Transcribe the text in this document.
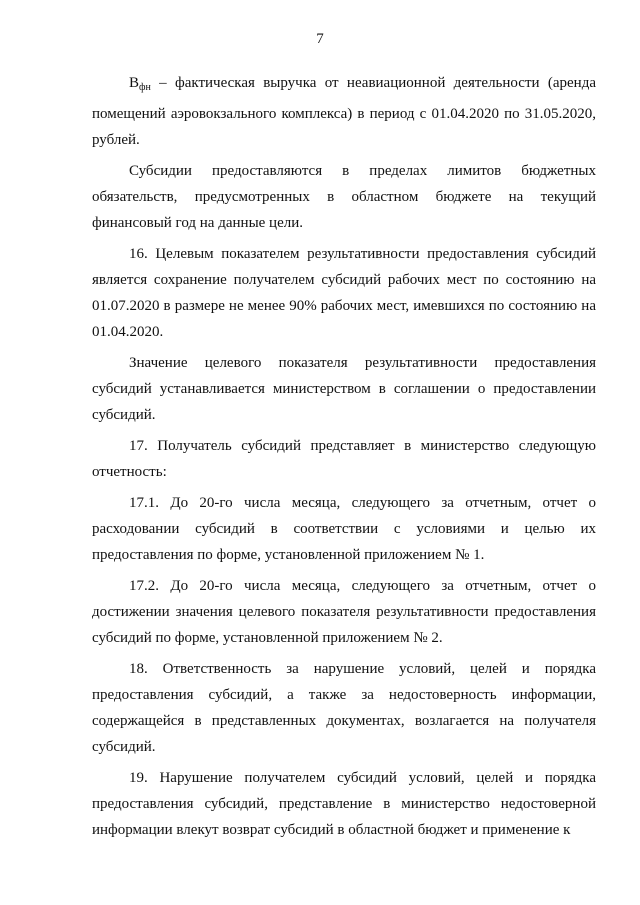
7

$В_{фн}$ – фактическая выручка от неавиационной деятельности (аренда помещений аэровокзального комплекса) в период с 01.04.2020 по 31.05.2020, рублей.

Субсидии предоставляются в пределах лимитов бюджетных обязательств, предусмотренных в областном бюджете на текущий финансовый год на данные цели.

16. Целевым показателем результативности предоставления субсидий является сохранение получателем субсидий рабочих мест по состоянию на 01.07.2020 в размере не менее 90% рабочих мест, имевшихся по состоянию на 01.04.2020.

Значение целевого показателя результативности предоставления субсидий устанавливается министерством в соглашении о предоставлении субсидий.

17. Получатель субсидий представляет в министерство следующую отчетность:

17.1. До 20-го числа месяца, следующего за отчетным, отчет о расходовании субсидий в соответствии с условиями и целью их предоставления по форме, установленной приложением № 1.

17.2. До 20-го числа месяца, следующего за отчетным, отчет о достижении значения целевого показателя результативности предоставления субсидий по форме, установленной приложением № 2.

18. Ответственность за нарушение условий, целей и порядка предоставления субсидий, а также за недостоверность информации, содержащейся в представленных документах, возлагается на получателя субсидий.

19. Нарушение получателем субсидий условий, целей и порядка предоставления субсидий, представление в министерство недостоверной информации влекут возврат субсидий в областной бюджет и применение к
